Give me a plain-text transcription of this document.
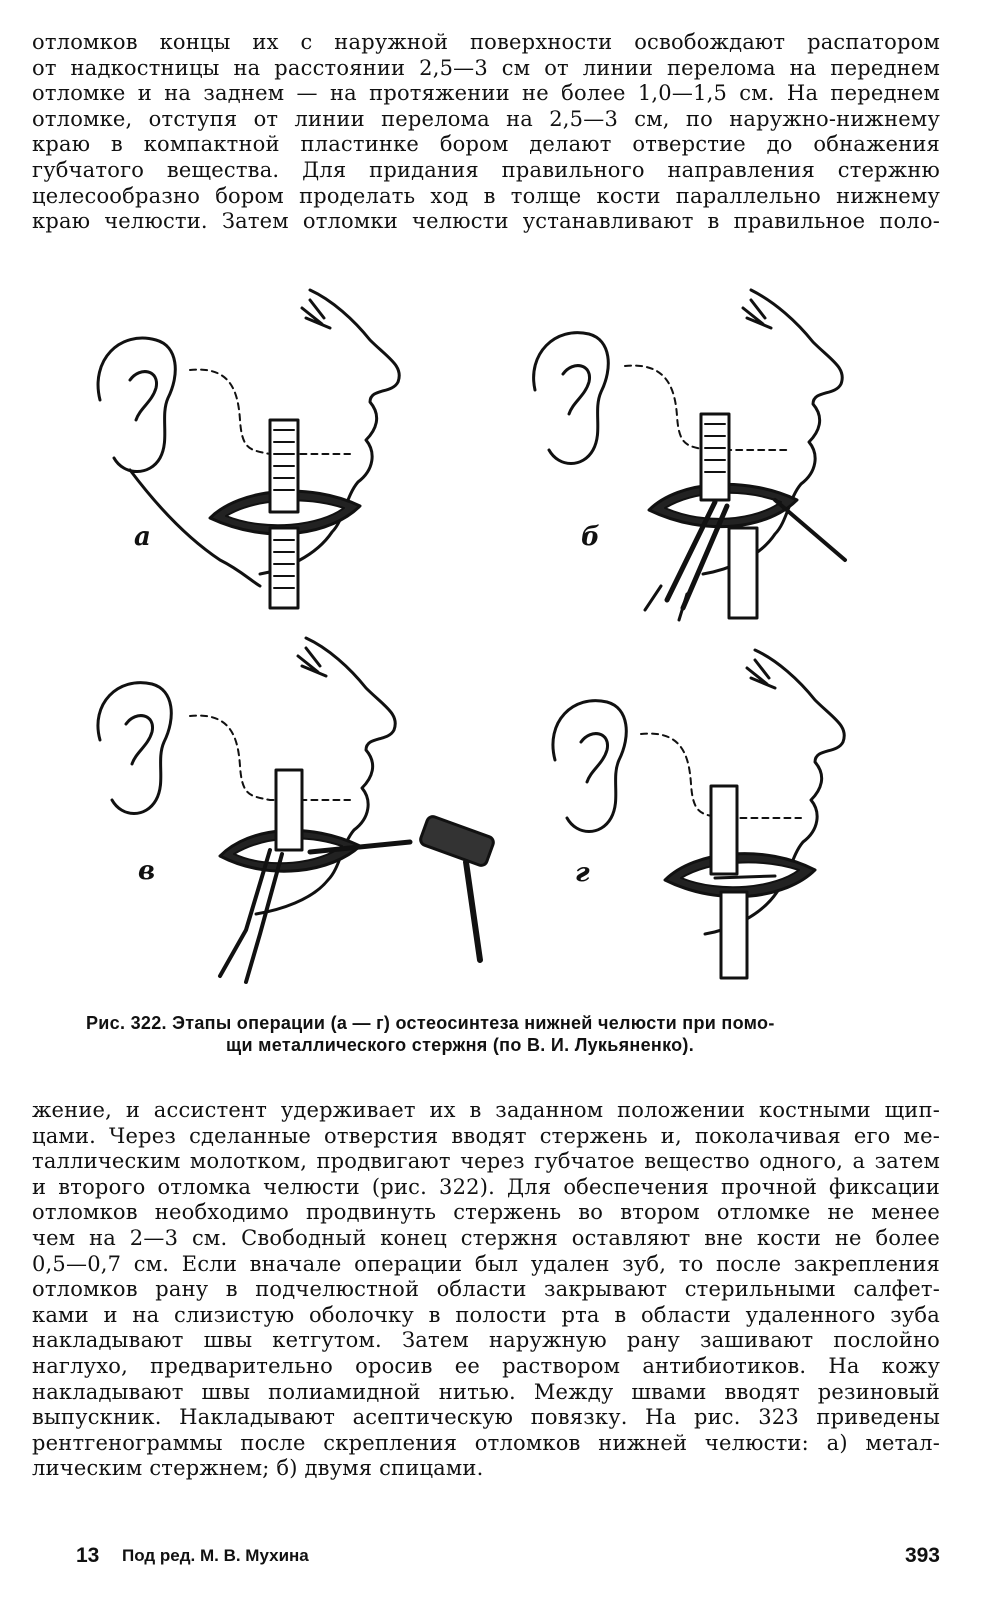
отломков концы их с наружной поверхности освобождают распатором
от надкостницы на расстоянии 2,5—3 см от линии перелома на переднем
отломке и на заднем — на протяжении не более 1,0—1,5 см. На переднем
отломке, отступя от линии перелома на 2,5—3 см, по наружно-нижнему
краю в компактной пластинке бором делают отверстие до обнажения
губчатого вещества. Для придания правильного направления стержню
целесообразно бором проделать ход в толще кости параллельно нижнему
краю челюсти. Затем отломки челюсти устанавливают в правильное поло-
а	б
в	г
Рис. 322. Этапы операции (а — г) остеосинтеза нижней челюсти при помо-
щи металлического стержня (по В. И. Лукьяненко).
жение, и ассистент удерживает их в заданном положении костными щип-
цами. Через сделанные отверстия вводят стержень и, поколачивая его ме-
таллическим молотком, продвигают через губчатое вещество одного, а затем
и второго отломка челюсти (рис. 322). Для обеспечения прочной фиксации
отломков необходимо продвинуть стержень во втором отломке не менее
чем на 2—3 см. Свободный конец стержня оставляют вне кости не более
0,5—0,7 см. Если вначале операции был удален зуб, то после закрепления
отломков рану в подчелюстной области закрывают стерильными салфет-
ками и на слизистую оболочку в полости рта в области удаленного зуба
накладывают швы кетгутом. Затем наружную рану зашивают послойно
наглухо, предварительно оросив ее раствором антибиотиков. На кожу
накладывают швы полиамидной нитью. Между швами вводят резиновый
выпускник. Накладывают асептическую повязку. На рис. 323 приведены
рентгенограммы после скрепления отломков нижней челюсти: а) метал-
лическим стержнем; б) двумя спицами.
13 Под ред. М. В. Мухина	393
